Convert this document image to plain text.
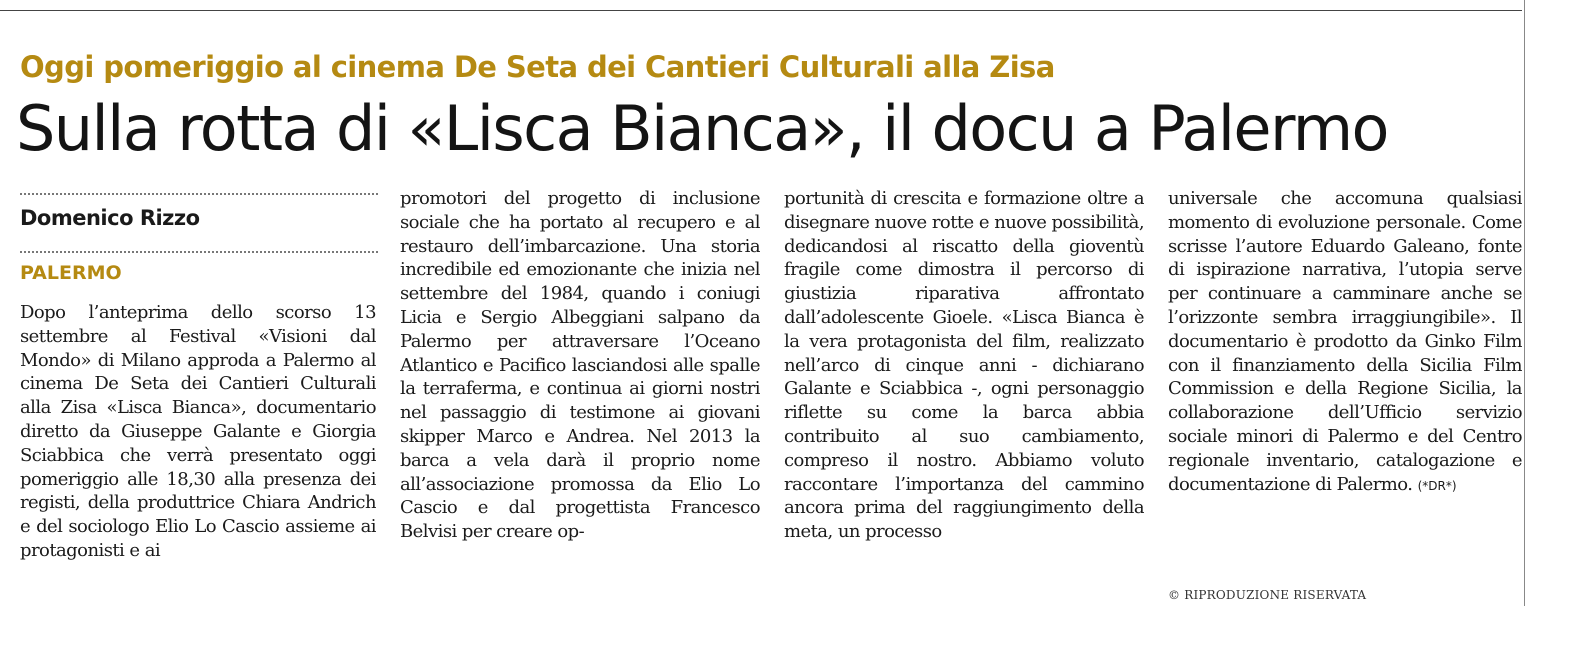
Oggi pomeriggio al cinema De Seta dei Cantieri Culturali alla Zisa
Sulla rotta di «Lisca Bianca», il docu a Palermo
Domenico Rizzo
PALERMO
Dopo l’anteprima dello scorso 13 settembre al Festival «Visioni dal Mondo» di Milano approda a Palermo al cinema De Seta dei Cantieri Culturali alla Zisa «Lisca Bianca», documentario diretto da Giuseppe Galante e Giorgia Sciabbica che verrà presentato oggi pomeriggio alle 18,30 alla presenza dei registi, della produttrice Chiara Andrich e del sociologo Elio Lo Cascio assieme ai protagonisti e ai
promotori del progetto di inclusione sociale che ha portato al recupero e al restauro dell’imbarcazione. Una storia incredibile ed emozionante che inizia nel settembre del 1984, quando i coniugi Licia e Sergio Albeggiani salpano da Palermo per attraversare l’Oceano Atlantico e Pacifico lasciandosi alle spalle la terraferma, e continua ai giorni nostri nel passaggio di testimone ai giovani skipper Marco e Andrea. Nel 2013 la barca a vela darà il proprio nome all’associazione promossa da Elio Lo Cascio e dal progettista Francesco Belvisi per creare op-
portunità di crescita e formazione oltre a disegnare nuove rotte e nuove possibilità, dedicandosi al riscatto della gioventù fragile come dimostra il percorso di giustizia riparativa affrontato dall’adolescente Gioele. «Lisca Bianca è la vera protagonista del film, realizzato nell’arco di cinque anni - dichiarano Galante e Sciabbica -, ogni personaggio riflette su come la barca abbia contribuito al suo cambiamento, compreso il nostro. Abbiamo voluto raccontare l’importanza del cammino ancora prima del raggiungimento della meta, un processo
universale che accomuna qualsiasi momento di evoluzione personale. Come scrisse l’autore Eduardo Galeano, fonte di ispirazione narrativa, l’utopia serve per continuare a camminare anche se l’orizzonte sembra irraggiungibile». Il documentario è prodotto da Ginko Film con il finanziamento della Sicilia Film Commission e della Regione Sicilia, la collaborazione dell’Ufficio servizio sociale minori di Palermo e del Centro regionale inventario, catalogazione e documentazione di Palermo. (*DR*)
© RIPRODUZIONE RISERVATA
